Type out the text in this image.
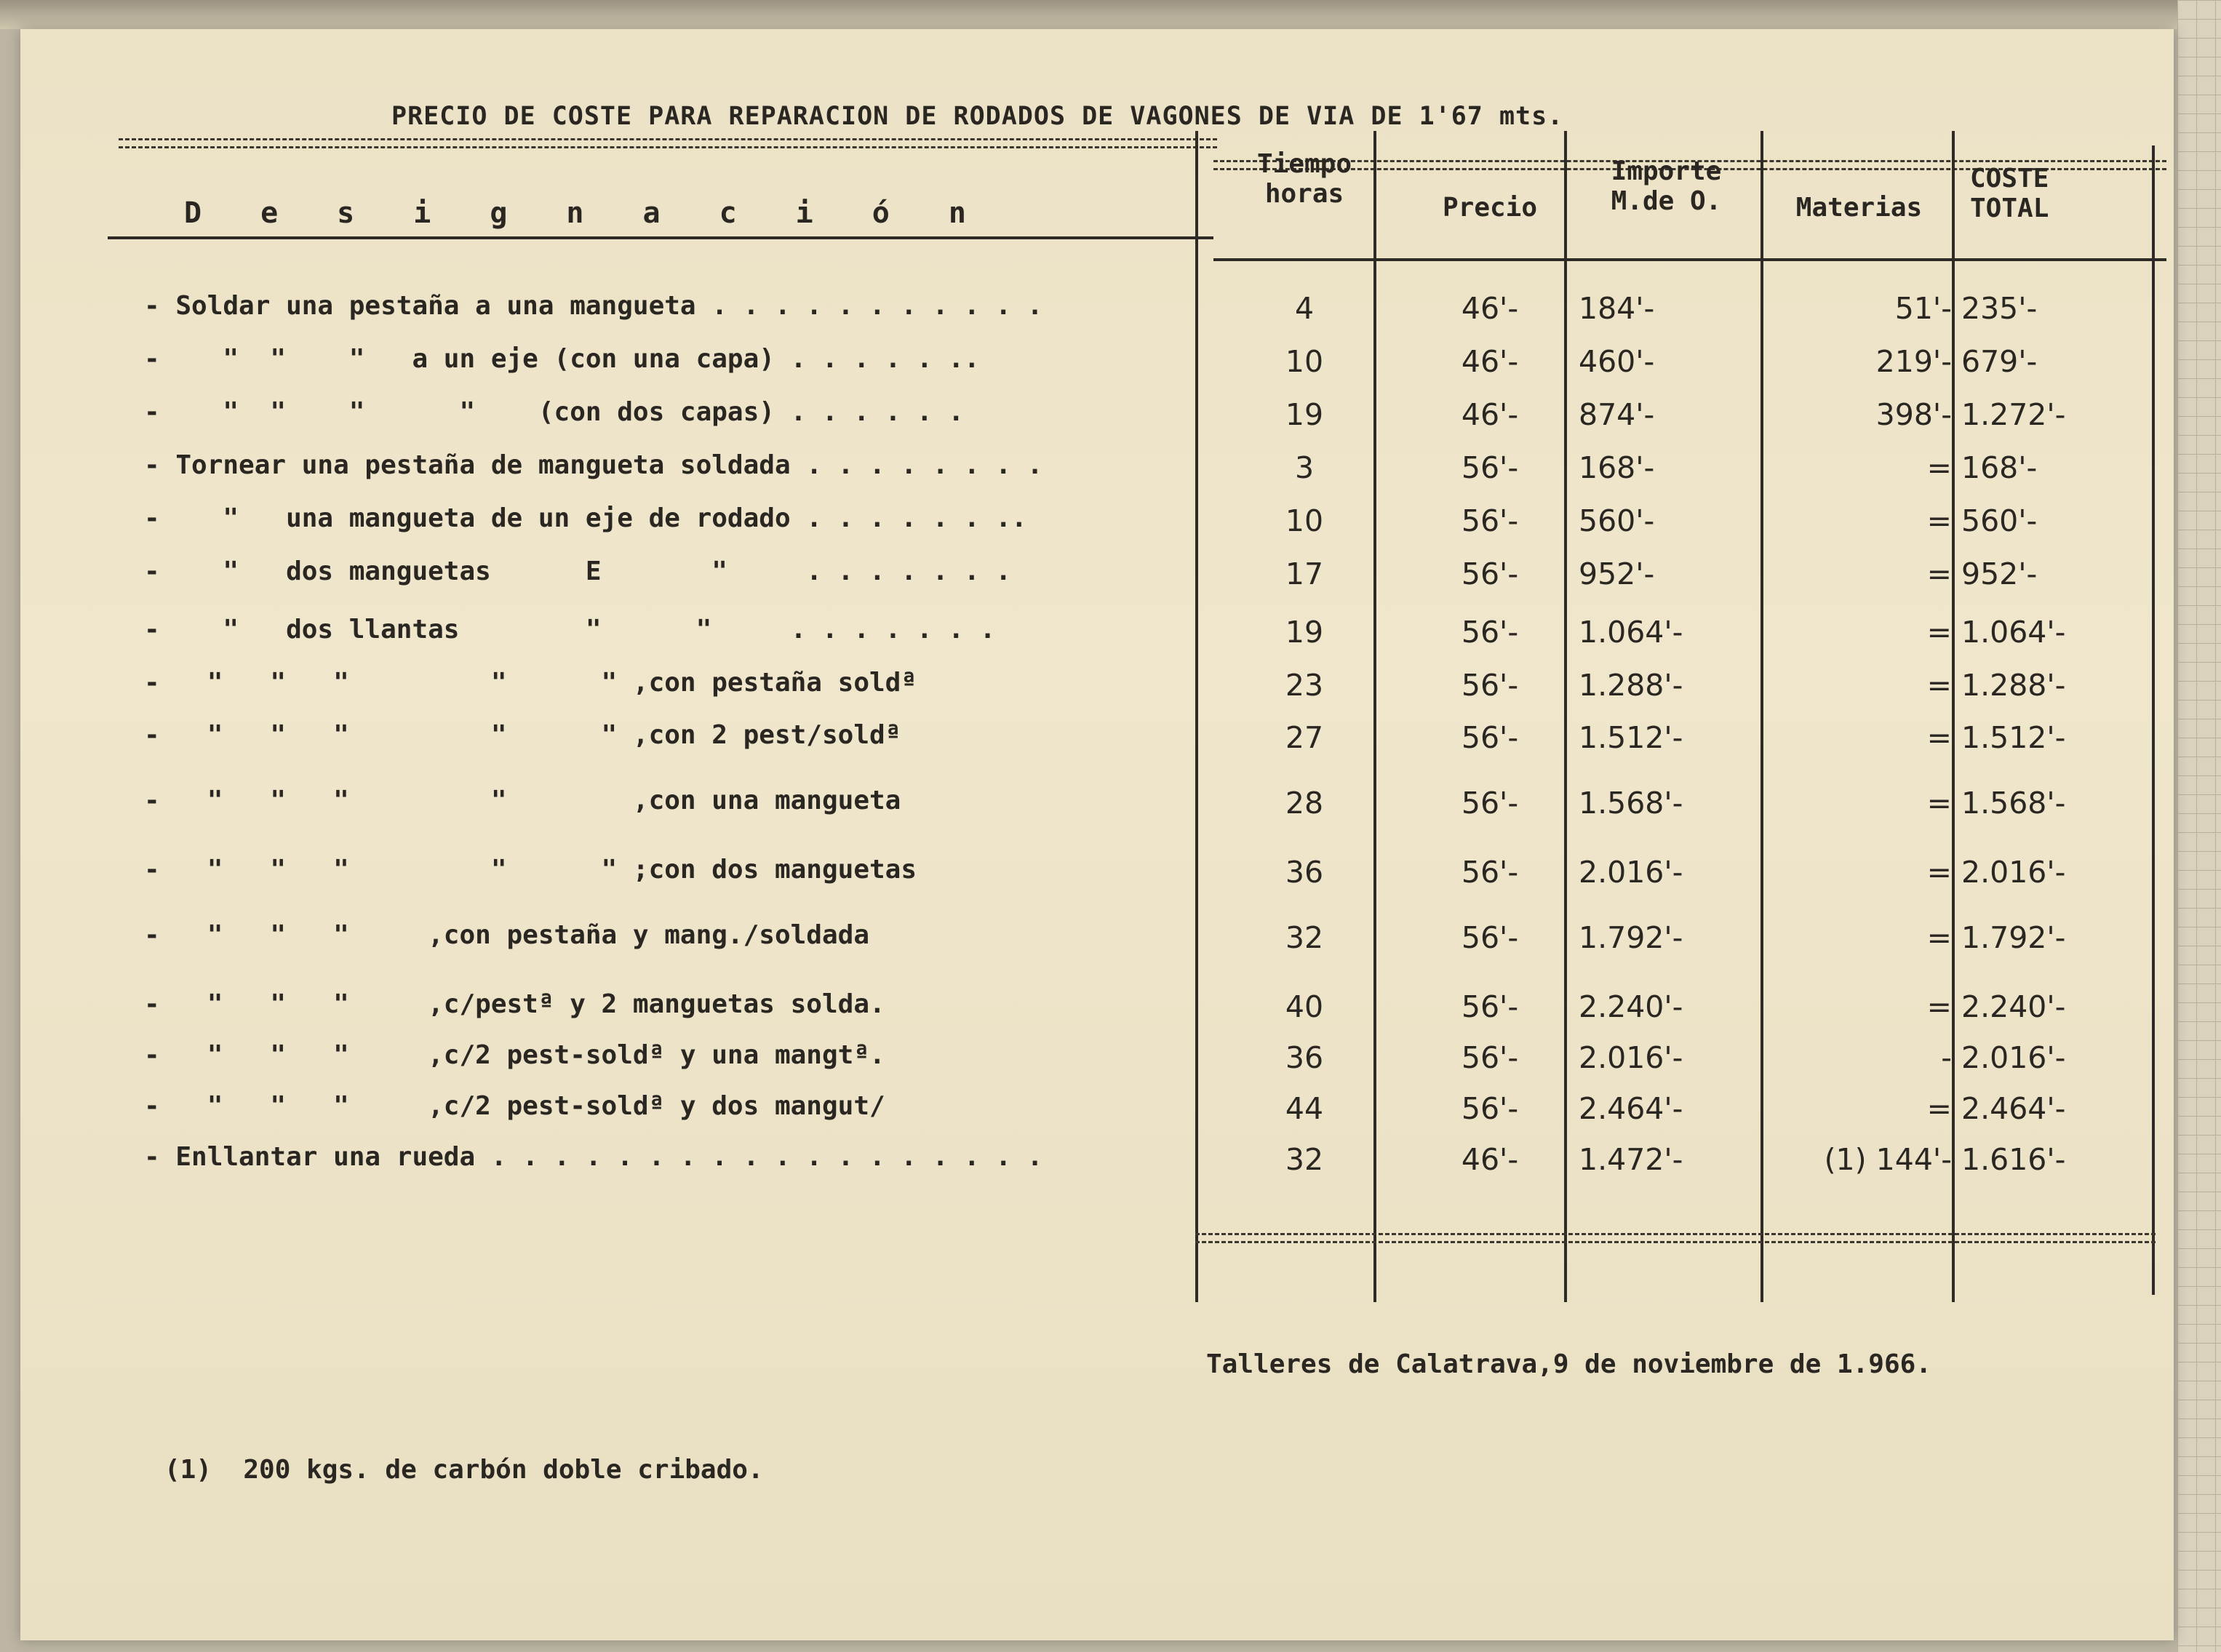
PRECIO DE COSTE PARA REPARACION DE RODADOS DE VAGONES DE VIA DE 1'67 mts.
Designación
Tiempo
horas	Precio
Importe
M.de O.	Materias
COSTE
TOTAL
- Soldar una pestaña a una mangueta . . . . . . . . . . .	4	46'-	184'-	51'- 235'-
-    "  "    "   a un eje (con una capa) . . . . . ..	10	46'-	460'-	219'- 679'-
-    "  "    "      "    (con dos capas) . . . . . .	19	46'-	874'-	398'- 1.272'-
- Tornear una pestaña de mangueta soldada . . . . . . . .	3	56'-	168'-	= 168'-
-    "   una mangueta de un eje de rodado . . . . . . ..	10	56'-	560'-	= 560'-
-    "   dos manguetas      E       "     . . . . . . .	17	56'-	952'-	= 952'-
-    "   dos llantas        "      "     . . . . . . .	19	56'-	1.064'-	= 1.064'-
-   "   "   "         "      " ,con pestaña soldª	23	56'-	1.288'-	= 1.288'-
-   "   "   "         "      " ,con 2 pest/soldª	27	56'-	1.512'-	= 1.512'-
-   "   "   "         "        ,con una mangueta	28	56'-	1.568'-	= 1.568'-
-   "   "   "         "      " ;con dos manguetas	36	56'-	2.016'-	= 2.016'-
-   "   "   "     ,con pestaña y mang./soldada	32	56'-	1.792'-	= 1.792'-
-   "   "   "     ,c/pestª y 2 manguetas solda.	40	56'-	2.240'-	= 2.240'-
-   "   "   "     ,c/2 pest-soldª y una mangtª.	36	56'-	2.016'-	- 2.016'-
-   "   "   "     ,c/2 pest-soldª y dos mangut/	44	56'-	2.464'-	= 2.464'-
- Enllantar una rueda . . . . . . . . . . . . . . . . . .	32	46'-	1.472'-	(1) 144'- 1.616'-
Talleres de Calatrava,9 de noviembre de 1.966.
(1)  200 kgs. de carbón doble cribado.
